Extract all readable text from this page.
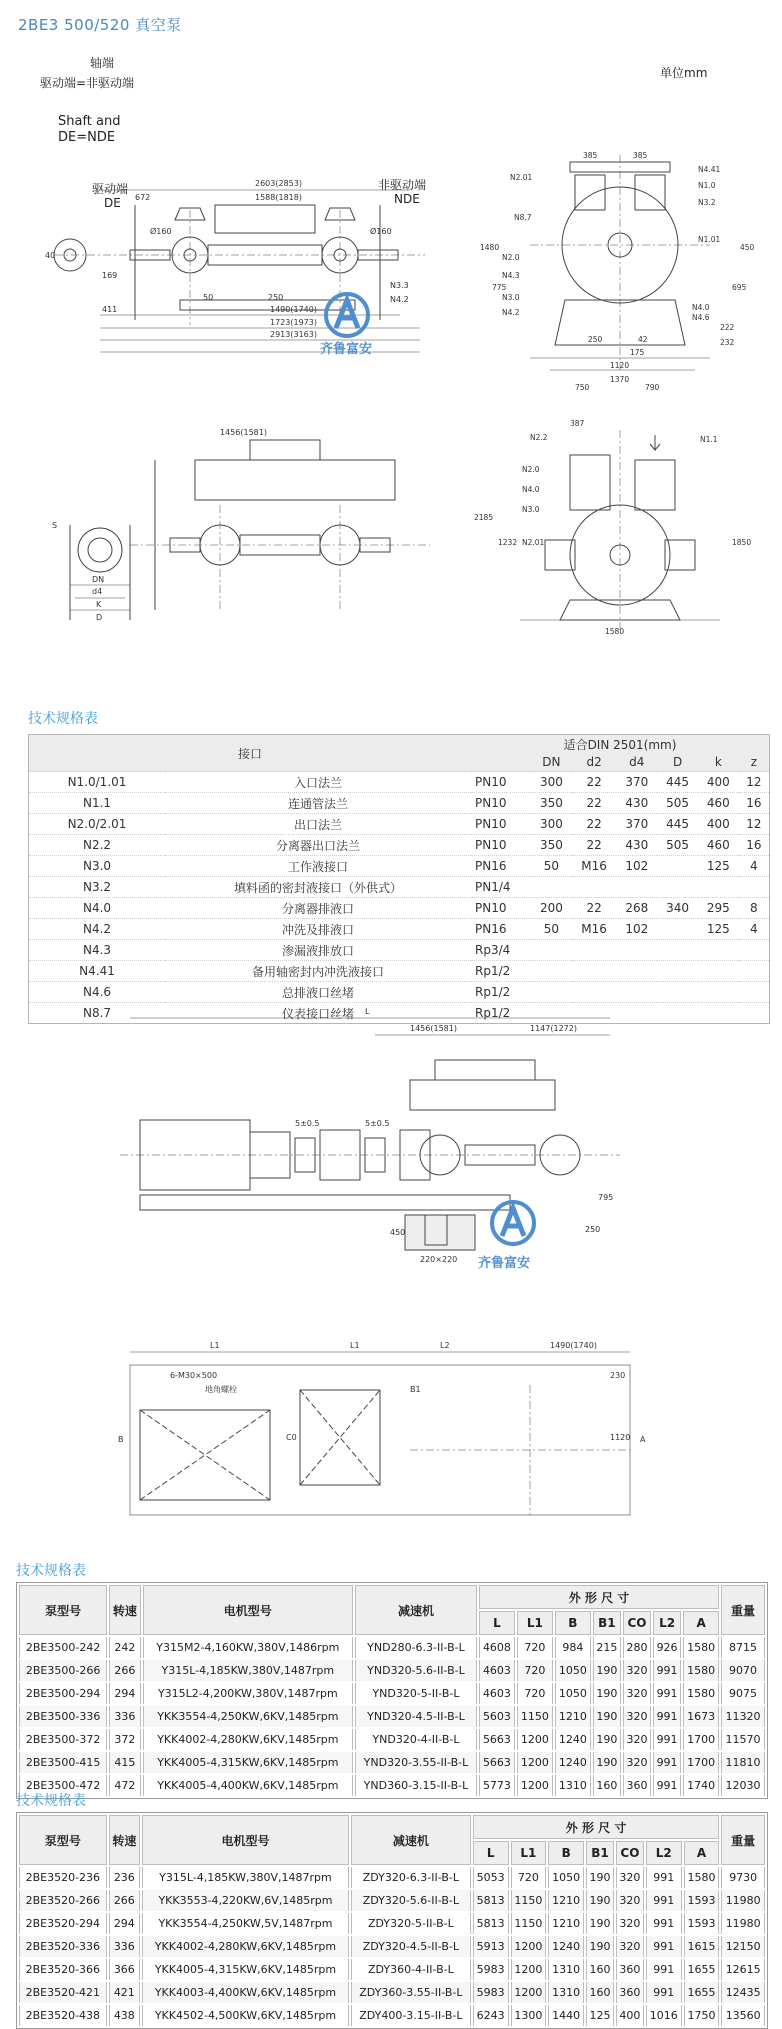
2BE3 500/520 真空泵
轴端
驱动端=非驱动端
单位mm
Shaft and
DE=NDE
驱动端
DE
非驱动端
NDE
2603(2853)
1588(1818)
672
1490(1740)
1723(1973)
2913(3163)
411
169
40
50	250
Ø160	Ø160
N3.3
N4.2
齐鲁富安
385	385
1480
775
450
695
250	42
175
222
1120
1370
750	790
232
N2.01
N4.41
N1.0
N3.2
N8.7
N1.01
N2.0
N4.3
N3.0
N4.2
N4.0
N4.6
1456(1581)
DN
d4
K
D
S
387
2185
1232	1850
1580
N2.2
N2.0
N4.0
N3.0
N2.01
N1.1
技术规格表
接口		适合DIN 2501(mm)						
			DN	d2	d4	D	k	z
N1.0/1.01	入口法兰	PN10	300	22	370	445	400	12
N1.1	连通管法兰	PN10	350	22	430	505	460	16
N2.0/2.01	出口法兰	PN10	300	22	370	445	400	12
N2.2	分离器出口法兰	PN10	350	22	430	505	460	16
N3.0	工作液接口	PN16	50	M16	102		125	4
N3.2	填料函的密封液接口（外供式）	PN1/4						
N4.0	分离器排液口	PN10	200	22	268	340	295	8
N4.2	冲洗及排液口	PN16	50	M16	102		125	4
N4.3	渗漏液排放口	Rp3/4						
N4.41	备用轴密封内冲洗液接口	Rp1/2						
N4.6	总排液口丝堵	Rp1/2						
N8.7	仪表接口丝堵	Rp1/2						
L
1456(1581)	1147(1272)
5±0.5	5±0.5
795
450	250
220×220 齐鲁富安
L1	L1	L2	1490(1740)
6-M30×500
地角螺栓	B1
C0
B	1120 A
230
技术规格表
泵型号	转速	电机型号	减速机	外 形 尺 寸							重量
				L	L1	B	B1	CO	L2	A	
2BE3500-242	242	Y315M2-4,160KW,380V,1486rpm	YND280-6.3-II-B-L	4608	720	984	215	280	926	1580	8715
2BE3500-266	266	Y315L-4,185KW,380V,1487rpm	YND320-5.6-II-B-L	4603	720	1050	190	320	991	1580	9070
2BE3500-294	294	Y315L2-4,200KW,380V,1487rpm	YND320-5-II-B-L	4603	720	1050	190	320	991	1580	9075
2BE3500-336	336	YKK3554-4,250KW,6KV,1485rpm	YND320-4.5-II-B-L	5603	1150	1210	190	320	991	1673	11320
2BE3500-372	372	YKK4002-4,280KW,6KV,1485rpm	YND320-4-II-B-L	5663	1200	1240	190	320	991	1700	11570
2BE3500-415	415	YKK4005-4,315KW,6KV,1485rpm	YND320-3.55-II-B-L	5663	1200	1240	190	320	991	1700	11810
2BE3500-472	472	YKK4005-4,400KW,6KV,1485rpm	YND360-3.15-II-B-L	5773	1200	1310	160	360	991	1740	12030
技术规格表
泵型号	转速	电机型号	减速机	外 形 尺 寸							重量
				L	L1	B	B1	CO	L2	A	
2BE3520-236	236	Y315L-4,185KW,380V,1487rpm	ZDY320-6.3-II-B-L	5053	720	1050	190	320	991	1580	9730
2BE3520-266	266	YKK3553-4,220KW,6V,1485rpm	ZDY320-5.6-II-B-L	5813	1150	1210	190	320	991	1593	11980
2BE3520-294	294	YKK3554-4,250KW,5V,1487rpm	ZDY320-5-II-B-L	5813	1150	1210	190	320	991	1593	11980
2BE3520-336	336	YKK4002-4,280KW,6KV,1485rpm	ZDY320-4.5-II-B-L	5913	1200	1240	190	320	991	1615	12150
2BE3520-366	366	YKK4005-4,315KW,6KV,1485rpm	ZDY360-4-II-B-L	5983	1200	1310	160	360	991	1655	12615
2BE3520-421	421	YKK4003-4,400KW,6KV,1485rpm	ZDY360-3.55-II-B-L	5983	1200	1310	160	360	991	1655	12435
2BE3520-438	438	YKK4502-4,500KW,6KV,1485rpm	ZDY400-3.15-II-B-L	6243	1300	1440	125	400	1016	1750	13560
